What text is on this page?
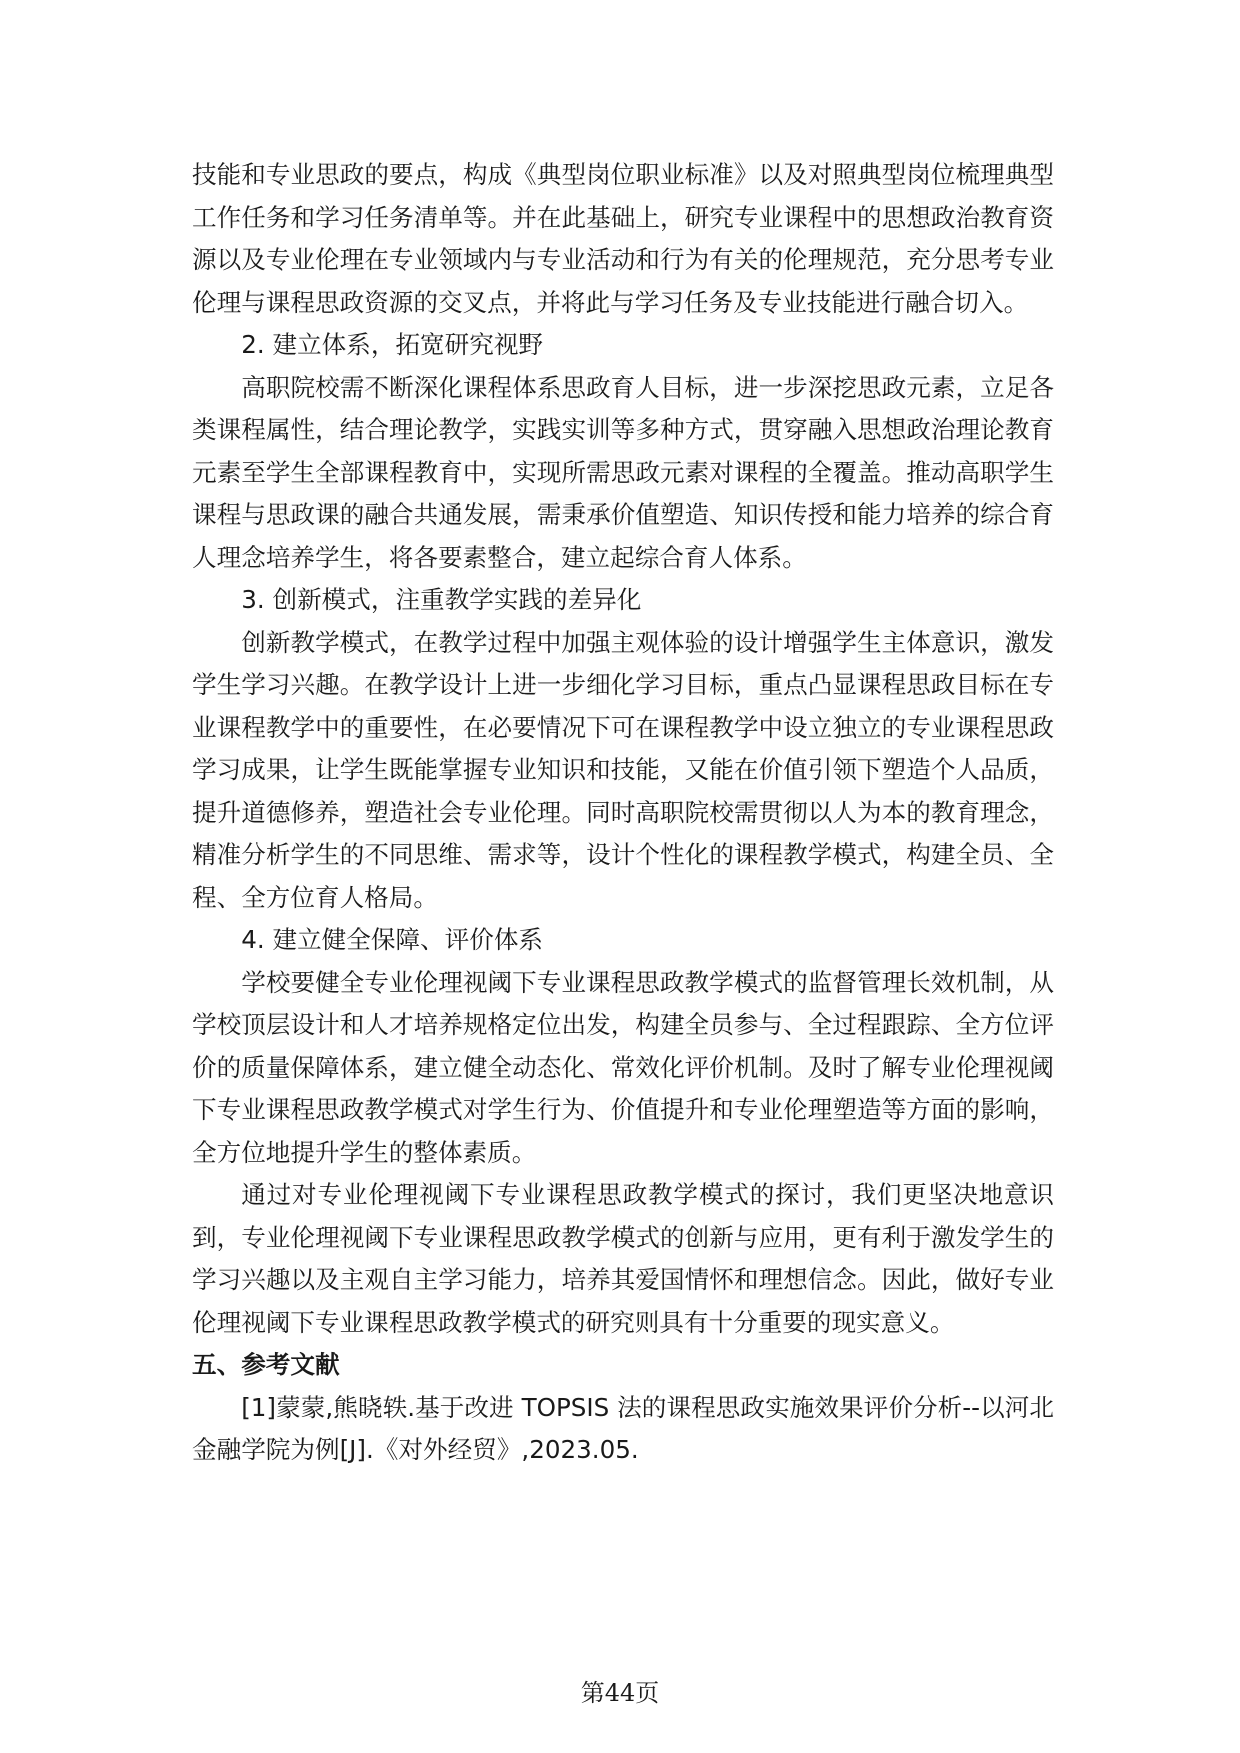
技能和专业思政的要点，构成《典型岗位职业标准》以及对照典型岗位梳理典型工作任务和学习任务清单等。并在此基础上，研究专业课程中的思想政治教育资源以及专业伦理在专业领域内与专业活动和行为有关的伦理规范，充分思考专业伦理与课程思政资源的交叉点，并将此与学习任务及专业技能进行融合切入。

2. 建立体系，拓宽研究视野

高职院校需不断深化课程体系思政育人目标，进一步深挖思政元素，立足各类课程属性，结合理论教学，实践实训等多种方式，贯穿融入思想政治理论教育元素至学生全部课程教育中，实现所需思政元素对课程的全覆盖。推动高职学生课程与思政课的融合共通发展，需秉承价值塑造、知识传授和能力培养的综合育人理念培养学生，将各要素整合，建立起综合育人体系。

3. 创新模式，注重教学实践的差异化

创新教学模式，在教学过程中加强主观体验的设计增强学生主体意识，激发学生学习兴趣。在教学设计上进一步细化学习目标，重点凸显课程思政目标在专业课程教学中的重要性，在必要情况下可在课程教学中设立独立的专业课程思政学习成果，让学生既能掌握专业知识和技能，又能在价值引领下塑造个人品质，提升道德修养，塑造社会专业伦理。同时高职院校需贯彻以人为本的教育理念，精准分析学生的不同思维、需求等，设计个性化的课程教学模式，构建全员、全程、全方位育人格局。

4. 建立健全保障、评价体系

学校要健全专业伦理视阈下专业课程思政教学模式的监督管理长效机制，从学校顶层设计和人才培养规格定位出发，构建全员参与、全过程跟踪、全方位评价的质量保障体系，建立健全动态化、常效化评价机制。及时了解专业伦理视阈下专业课程思政教学模式对学生行为、价值提升和专业伦理塑造等方面的影响，全方位地提升学生的整体素质。

通过对专业伦理视阈下专业课程思政教学模式的探讨，我们更坚决地意识到，专业伦理视阈下专业课程思政教学模式的创新与应用，更有利于激发学生的学习兴趣以及主观自主学习能力，培养其爱国情怀和理想信念。因此，做好专业伦理视阈下专业课程思政教学模式的研究则具有十分重要的现实意义。

五、参考文献

[1]蒙蒙,熊晓轶.基于改进 TOPSIS 法的课程思政实施效果评价分析--以河北金融学院为例[J].《对外经贸》,2023.05.

第44页
